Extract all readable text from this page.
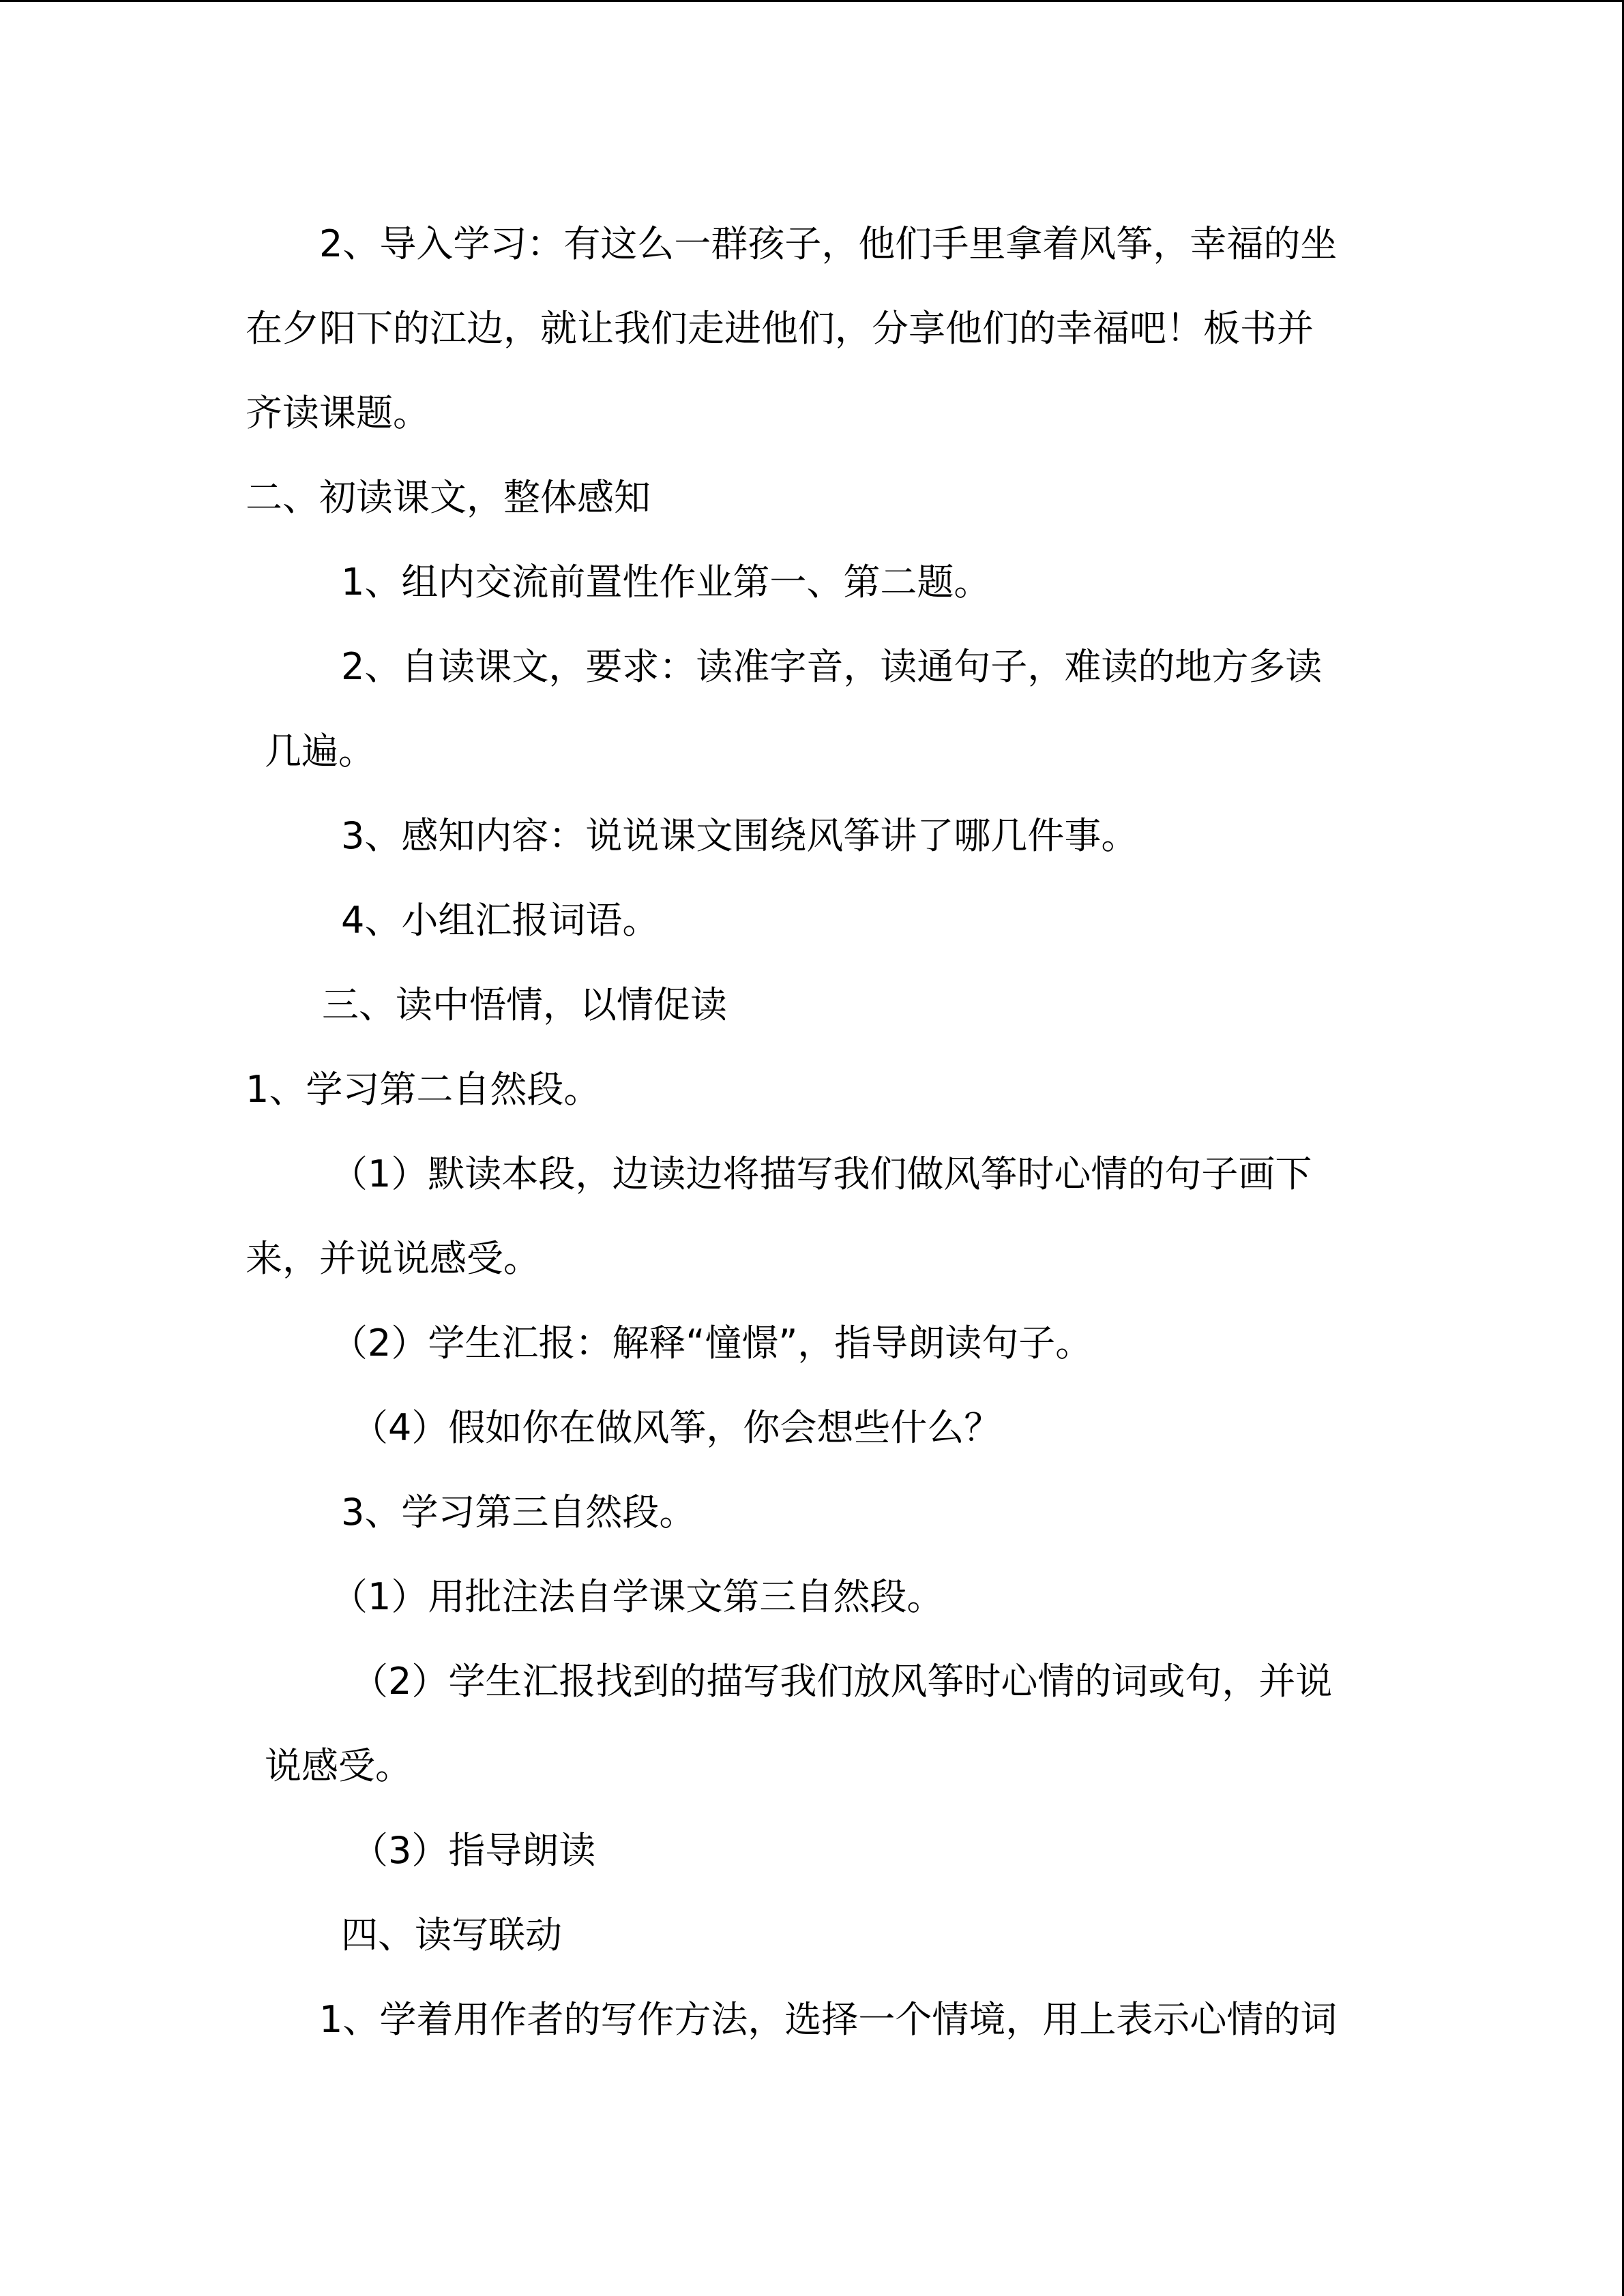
2、导入学习：有这么一群孩子，他们手里拿着风筝，幸福的坐
在夕阳下的江边，就让我们走进他们，分享他们的幸福吧！板书并
齐读课题。
二、初读课文，整体感知
1、组内交流前置性作业第一、第二题。
2、自读课文，要求：读准字音，读通句子，难读的地方多读
几遍。
3、感知内容：说说课文围绕风筝讲了哪几件事。
4、小组汇报词语。
三、读中悟情，以情促读
1、学习第二自然段。
（1）默读本段，边读边将描写我们做风筝时心情的句子画下
来，并说说感受。
（2）学生汇报：解释“憧憬”，指导朗读句子。
（4）假如你在做风筝，你会想些什么？
3、学习第三自然段。
（1）用批注法自学课文第三自然段。
（2）学生汇报找到的描写我们放风筝时心情的词或句，并说
说感受。
（3）指导朗读
四、读写联动
1、学着用作者的写作方法，选择一个情境，用上表示心情的词
